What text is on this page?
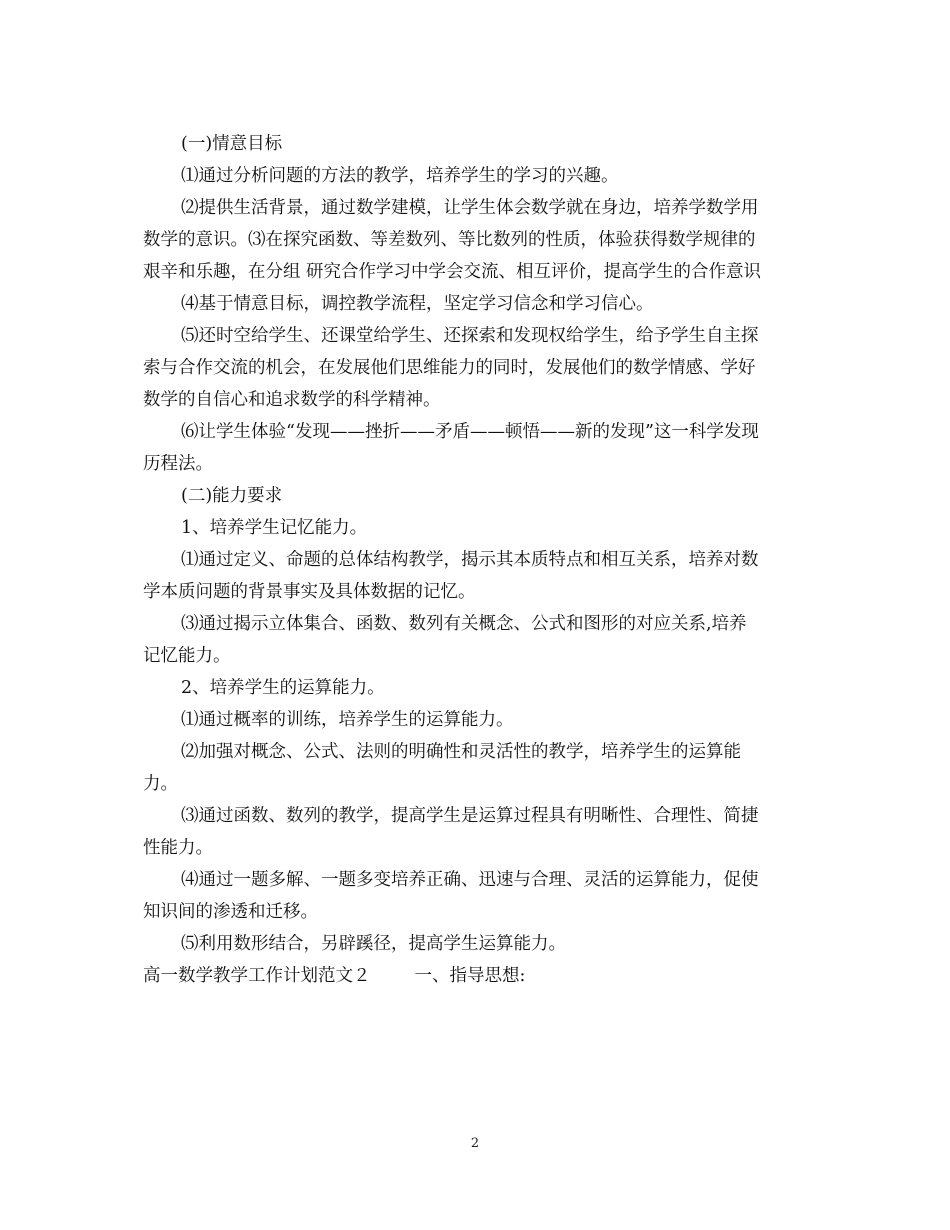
(一)情意目标

⑴通过分析问题的方法的教学，培养学生的学习的兴趣。

⑵提供生活背景，通过数学建模，让学生体会数学就在身边，培养学数学用
数学的意识。⑶在探究函数、等差数列、等比数列的性质，体验获得数学规律的
艰辛和乐趣，在分组 研究合作学习中学会交流、相互评价，提高学生的合作意识

⑷基于情意目标，调控教学流程，坚定学习信念和学习信心。

⑸还时空给学生、还课堂给学生、还探索和发现权给学生，给予学生自主探
索与合作交流的机会，在发展他们思维能力的同时，发展他们的数学情感、学好
数学的自信心和追求数学的科学精神。

⑹让学生体验“发现——挫折——矛盾——顿悟——新的发现”这一科学发现
历程法。

(二)能力要求

1、培养学生记忆能力。

⑴通过定义、命题的总体结构教学，揭示其本质特点和相互关系，培养对数
学本质问题的背景事实及具体数据的记忆。

⑶通过揭示立体集合、函数、数列有关概念、公式和图形的对应关系,培养
记忆能力。

2、培养学生的运算能力。

⑴通过概率的训练，培养学生的运算能力。

⑵加强对概念、公式、法则的明确性和灵活性的教学，培养学生的运算能
力。

⑶通过函数、数列的教学，提高学生是运算过程具有明晰性、合理性、简捷
性能力。

⑷通过一题多解、一题多变培养正确、迅速与合理、灵活的运算能力，促使
知识间的渗透和迁移。

⑸利用数形结合，另辟蹊径，提高学生运算能力。

高一数学教学工作计划范文２	一、指导思想:

2
